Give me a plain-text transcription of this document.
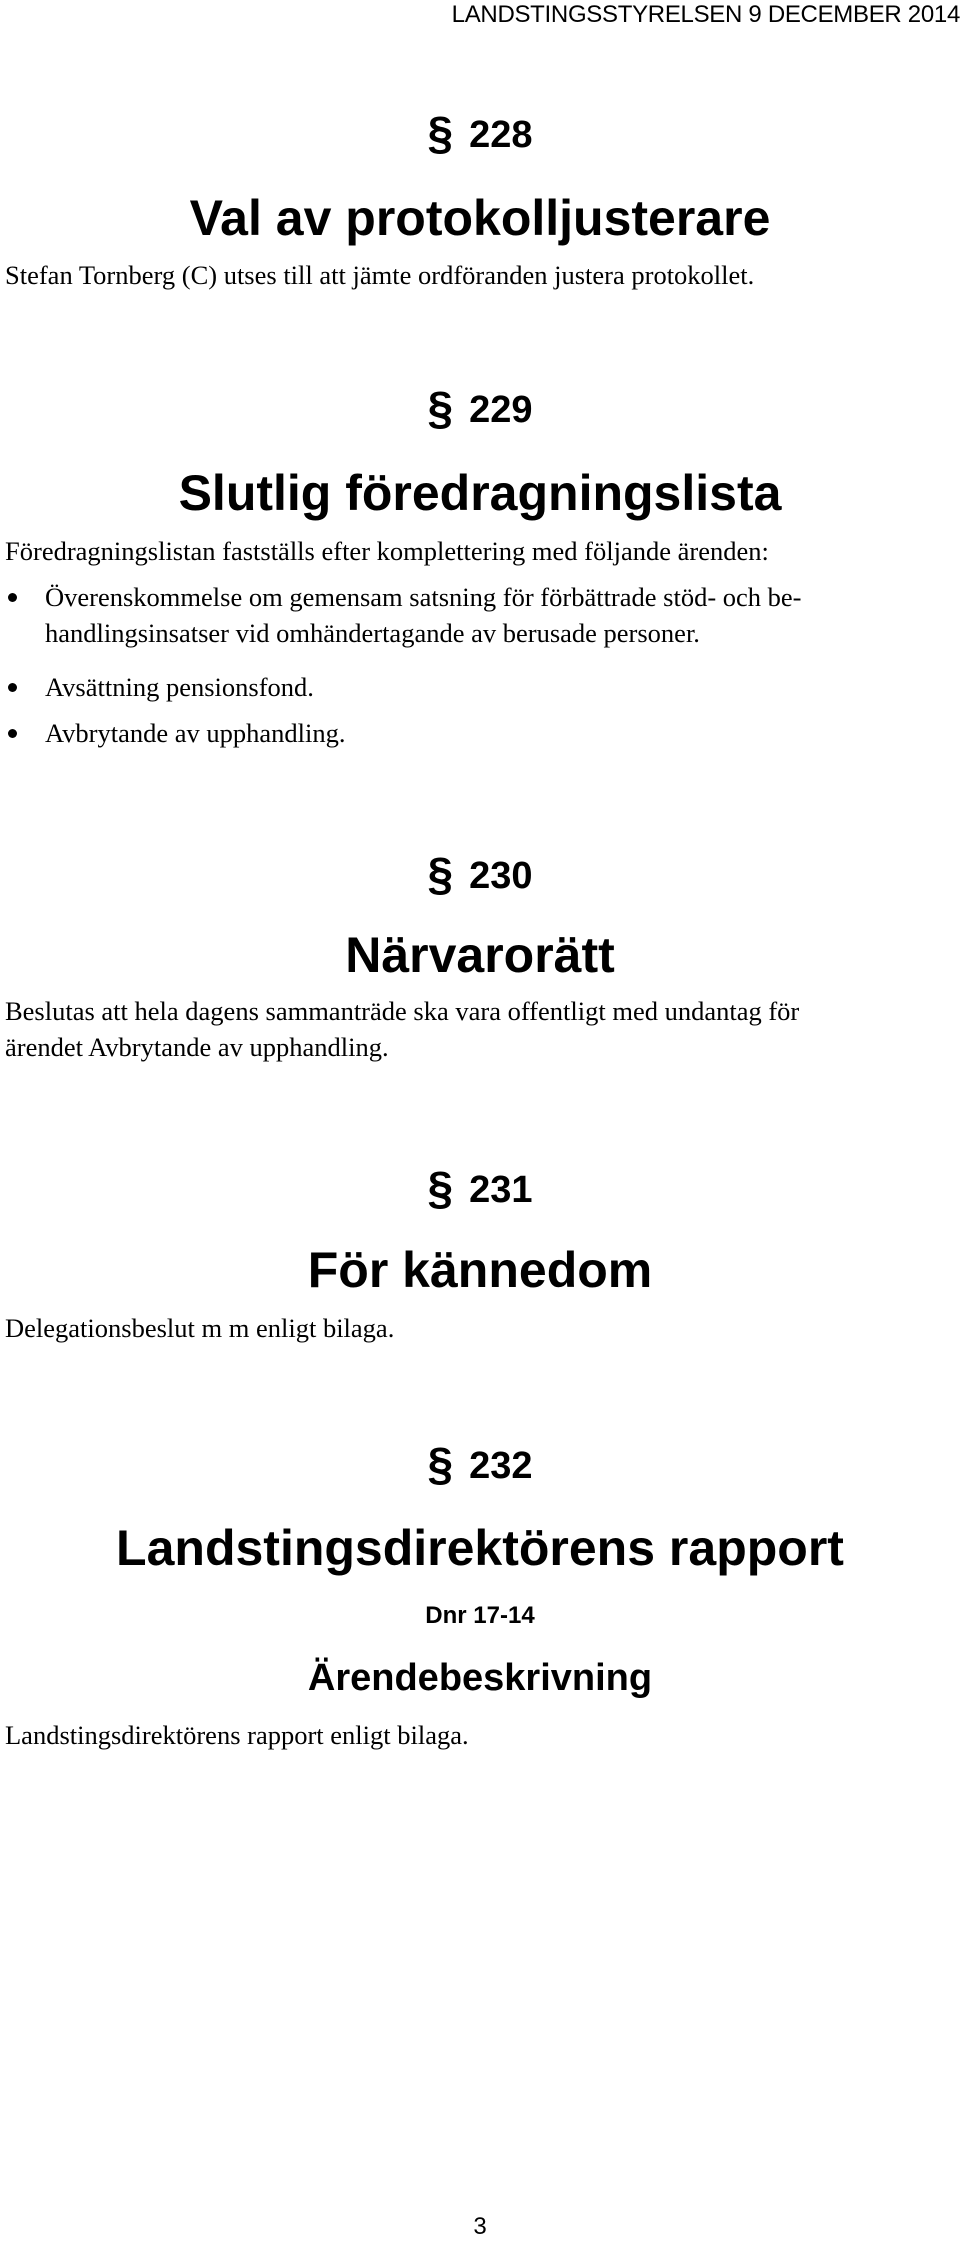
LANDSTINGSSTYRELSEN 9 DECEMBER 2014
§ 228
Val av protokolljusterare
Stefan Tornberg (C) utses till att jämte ordföranden justera protokollet.
§ 229
Slutlig föredragningslista
Föredragningslistan fastställs efter komplettering med följande ärenden:
Överenskommelse om gemensam satsning för förbättrade stöd- och be-
handlingsinsatser vid omhändertagande av berusade personer.
Avsättning pensionsfond.
Avbrytande av upphandling.
§ 230
Närvarorätt
Beslutas att hela dagens sammanträde ska vara offentligt med undantag för
ärendet Avbrytande av upphandling.
§ 231
För kännedom
Delegationsbeslut m m enligt bilaga.
§ 232
Landstingsdirektörens rapport
Dnr 17-14
Ärendebeskrivning
Landstingsdirektörens rapport enligt bilaga.
3
